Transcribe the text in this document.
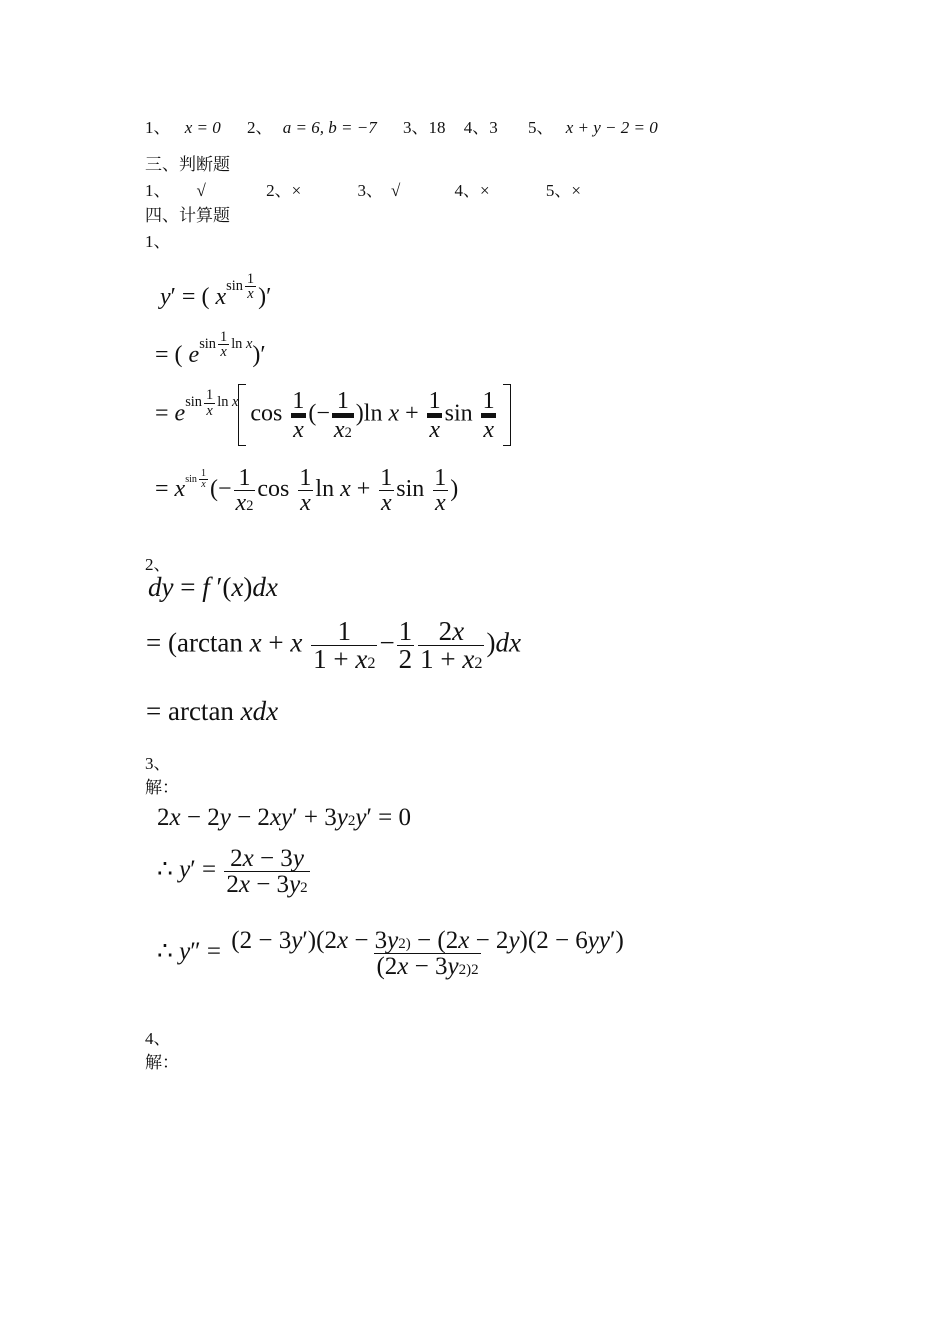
1、 x = 0 2、 a = 6, b = −7 3、18 4、3 5、 x + y − 2 = 0
三、判断题
1、 √	2、×	3、 √	4、×	5、×
四、计算题
1、
y′ = ( xsin $\frac{1}{x}$ )′
= ( esin $\frac{1}{x}$ ln x)′
= esin $\frac{1}{x}$ ln x $\cos \frac{1}{x}$ (− $\frac{1}{x2} )\ln$ $x + \frac{1}{x}$ $\sin \frac{1}{x}$
= xsin $\frac{1}{x}$ (− $\frac{1}{x2}$ $\cos \frac{1}{x}$ $\ln x + \frac{1}{x}$ $\sin \frac{1}{x}$ )
2、
dy = f ′(x)dx
= (arctan x + x $\frac{1}{1 + x2} - \frac{1}{2} \frac{2x}{1 + x2} )dx$
= arctan xdx
3、
解：
2x − 2y − 2xy′ + 3y2y′ = 0
∴ $y' = \frac{2x - 3y}{2x - 3y2}$
∴ $y'' = \frac{(2 - 3y')(2x - 3y2) - (2x - 2y)(2 - 6yy')}{(2x - 3y2)2}$
4、
解：
